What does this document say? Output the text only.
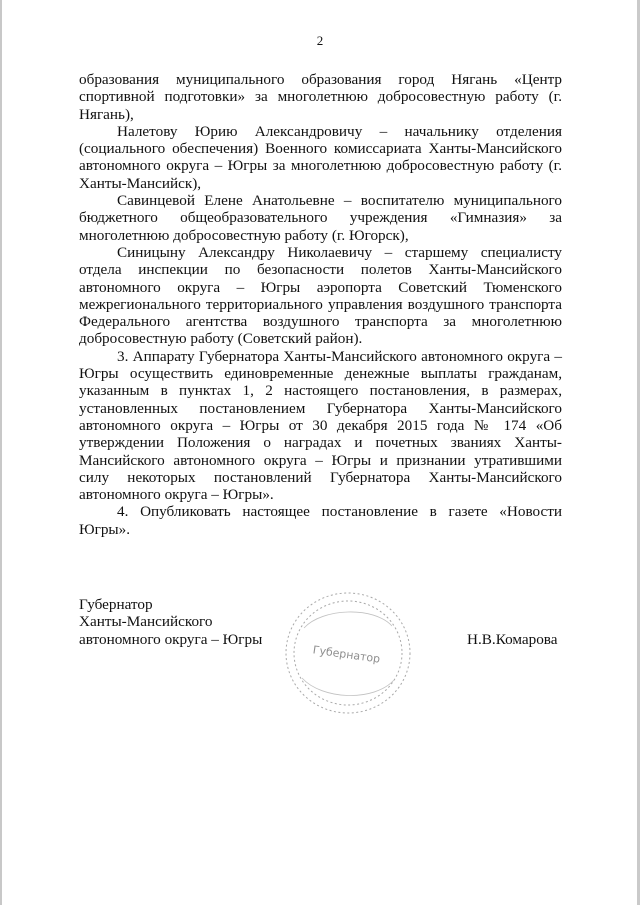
2

образования муниципального образования город Нягань «Центр спортивной подготовки» за многолетнюю добросовестную работу (г. Нягань),

Налетову Юрию Александровичу – начальнику отделения (социального обеспечения) Военного комиссариата Ханты-Мансийского автономного округа – Югры за многолетнюю добросовестную работу (г. Ханты-Мансийск),

Савинцевой Елене Анатольевне – воспитателю муниципального бюджетного общеобразовательного учреждения «Гимназия» за многолетнюю добросовестную работу (г. Югорск),

Синицыну Александру Николаевичу – старшему специалисту отдела инспекции по безопасности полетов Ханты-Мансийского автономного округа – Югры аэропорта Советский Тюменского межрегионального территориального управления воздушного транспорта Федерального агентства воздушного транспорта за многолетнюю добросовестную работу (Советский район).

3. Аппарату Губернатора Ханты-Мансийского автономного округа – Югры осуществить единовременные денежные выплаты гражданам, указанным в пунктах 1, 2 настоящего постановления, в размерах, установленных постановлением Губернатора Ханты-Мансийского автономного округа – Югры от 30 декабря 2015 года № 174 «Об утверждении Положения о наградах и почетных званиях Ханты-Мансийского автономного округа – Югры и признании утратившими силу некоторых постановлений Губернатора Ханты-Мансийского автономного округа – Югры».

4. Опубликовать настоящее постановление в газете «Новости Югры».

Губернатор
Ханты-Мансийского
автономного округа – Югры
Губернатор
Н.В.Комарова
